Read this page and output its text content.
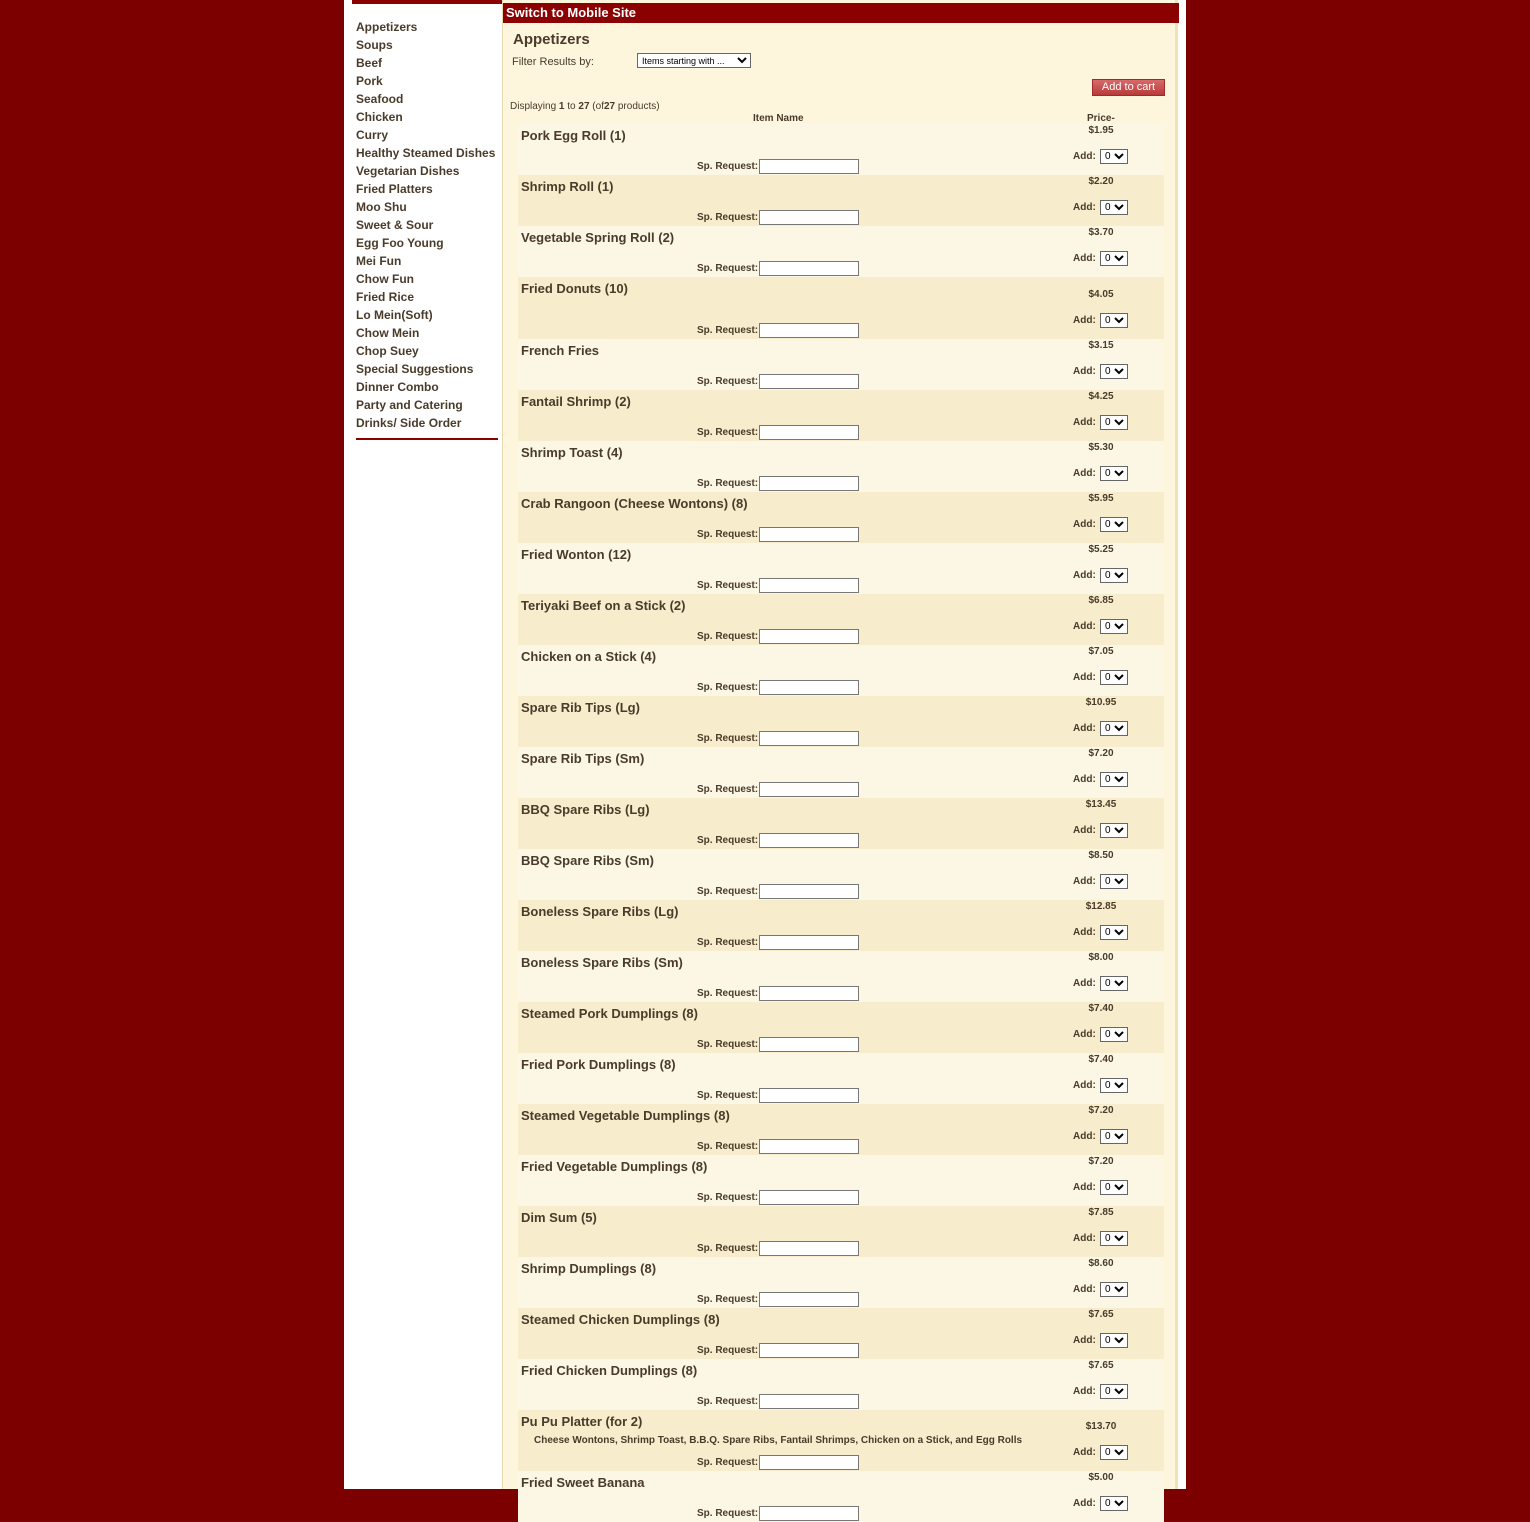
Appetizers
Soups
Beef
Pork
Seafood
Chicken
Curry
Healthy Steamed Dishes
Vegetarian Dishes
Fried Platters
Moo Shu
Sweet & Sour
Egg Foo Young
Mei Fun
Chow Fun
Fried Rice
Lo Mein(Soft)
Chow Mein
Chop Suey
Special Suggestions
Dinner Combo
Party and Catering
Drinks/ Side Order
Switch to Mobile Site
Appetizers
Filter Results by:
Items starting with ...
Add to cart
Displaying 1 to 27 (of27 products)
Item Name	Price-
Pork Egg Roll (1)	$1.95
Add:
0
Sp. Request:
Shrimp Roll (1)	$2.20
Add:
0
Sp. Request:
Vegetable Spring Roll (2)	$3.70
Add:
0
Sp. Request:
Fried Donuts (10)	$4.05
Add:
0
Sp. Request:
French Fries	$3.15
Add:
0
Sp. Request:
Fantail Shrimp (2)	$4.25
Add:
0
Sp. Request:
Shrimp Toast (4)	$5.30
Add:
0
Sp. Request:
Crab Rangoon (Cheese Wontons) (8)	$5.95
Add:
0
Sp. Request:
Fried Wonton (12)	$5.25
Add:
0
Sp. Request:
Teriyaki Beef on a Stick (2)	$6.85
Add:
0
Sp. Request:
Chicken on a Stick (4)	$7.05
Add:
0
Sp. Request:
Spare Rib Tips (Lg)	$10.95
Add:
0
Sp. Request:
Spare Rib Tips (Sm)	$7.20
Add:
0
Sp. Request:
BBQ Spare Ribs (Lg)	$13.45
Add:
0
Sp. Request:
BBQ Spare Ribs (Sm)	$8.50
Add:
0
Sp. Request:
Boneless Spare Ribs (Lg)	$12.85
Add:
0
Sp. Request:
Boneless Spare Ribs (Sm)	$8.00
Add:
0
Sp. Request:
Steamed Pork Dumplings (8)	$7.40
Add:
0
Sp. Request:
Fried Pork Dumplings (8)	$7.40
Add:
0
Sp. Request:
Steamed Vegetable Dumplings (8)	$7.20
Add:
0
Sp. Request:
Fried Vegetable Dumplings (8)	$7.20
Add:
0
Sp. Request:
Dim Sum (5)	$7.85
Add:
0
Sp. Request:
Shrimp Dumplings (8)	$8.60
Add:
0
Sp. Request:
Steamed Chicken Dumplings (8)	$7.65
Add:
0
Sp. Request:
Fried Chicken Dumplings (8)	$7.65
Add:
0
Sp. Request:
Pu Pu Platter (for 2)
Cheese Wontons, Shrimp Toast, B.B.Q. Spare Ribs, Fantail Shrimps, Chicken on a Stick, and Egg Rolls
$13.70
Add:
0
Sp. Request:
Fried Sweet Banana	$5.00
Add:
0
Sp. Request:
